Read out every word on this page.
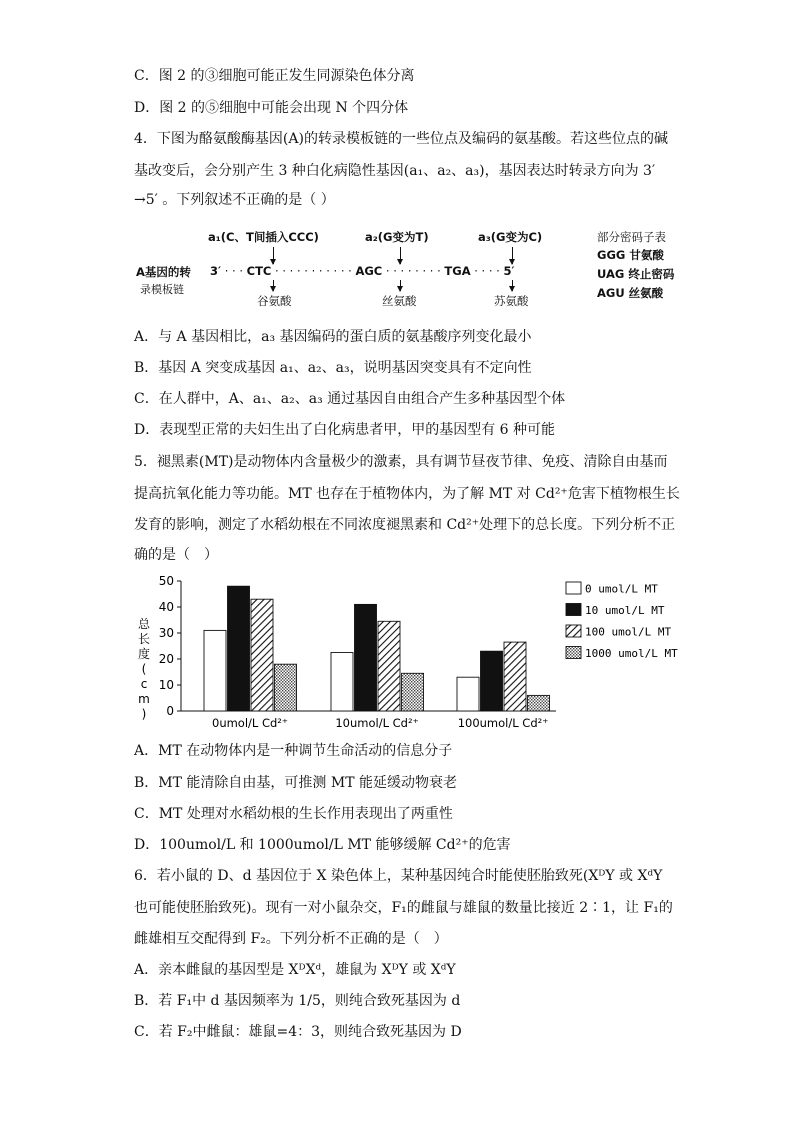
C．图 2 的③细胞可能正发生同源染色体分离
D．图 2 的⑤细胞中可能会出现 N 个四分体
4．下图为酪氨酸酶基因(A)的转录模板链的一些位点及编码的氨基酸。若这些位点的碱
基改变后，会分别产生 3 种白化病隐性基因(a₁、a₂、a₃)，基因表达时转录方向为 3′
→5′ 。下列叙述不正确的是（ ）
a₁(C、T间插入CCC)	a₂(G变为T)	a₃(G变为C)
A基因的转
录模板链
3′ · · · CTC · · · · · · · · · · · AGC · · · · · · · · TGA · · · · 5′
谷氨酸	丝氨酸	苏氨酸
部分密码子表
GGG 甘氨酸
UAG 终止密码
AGU 丝氨酸
A．与 A 基因相比，a₃ 基因编码的蛋白质的氨基酸序列变化最小
B．基因 A 突变成基因 a₁、a₂、a₃，说明基因突变具有不定向性
C．在人群中，A、a₁、a₂、a₃ 通过基因自由组合产生多种基因型个体
D．表现型正常的夫妇生出了白化病患者甲，甲的基因型有 6 种可能
5．褪黑素(MT)是动物体内含量极少的激素，具有调节昼夜节律、免疫、清除自由基而
提高抗氧化能力等功能。MT 也存在于植物体内，为了解 MT 对 Cd²⁺危害下植物根生长
发育的影响，测定了水稻幼根在不同浓度褪黑素和 Cd²⁺处理下的总长度。下列分析不正
确的是（　）
0
10
20
30
40
50
总长度( c m )
0umol/L Cd²⁺	10umol/L Cd²⁺	100umol/L Cd²⁺
0 umol/L MT
10 umol/L MT
100 umol/L MT
1000 umol/L MT
A．MT 在动物体内是一种调节生命活动的信息分子
B．MT 能清除自由基，可推测 MT 能延缓动物衰老
C．MT 处理对水稻幼根的生长作用表现出了两重性
D．100umol/L 和 1000umol/L MT 能够缓解 Cd²⁺的危害
6．若小鼠的 D、d 基因位于 X 染色体上，某种基因纯合时能使胚胎致死(XᴰY 或 XᵈY
也可能使胚胎致死)。现有一对小鼠杂交，F₁的雌鼠与雄鼠的数量比接近 2∶1，让 F₁的
雌雄相互交配得到 F₂。下列分析不正确的是（　）
A．亲本雌鼠的基因型是 XᴰXᵈ，雄鼠为 XᴰY 或 XᵈY
B．若 F₁中 d 基因频率为 1/5，则纯合致死基因为 d
C．若 F₂中雌鼠：雄鼠=4：3，则纯合致死基因为 D
